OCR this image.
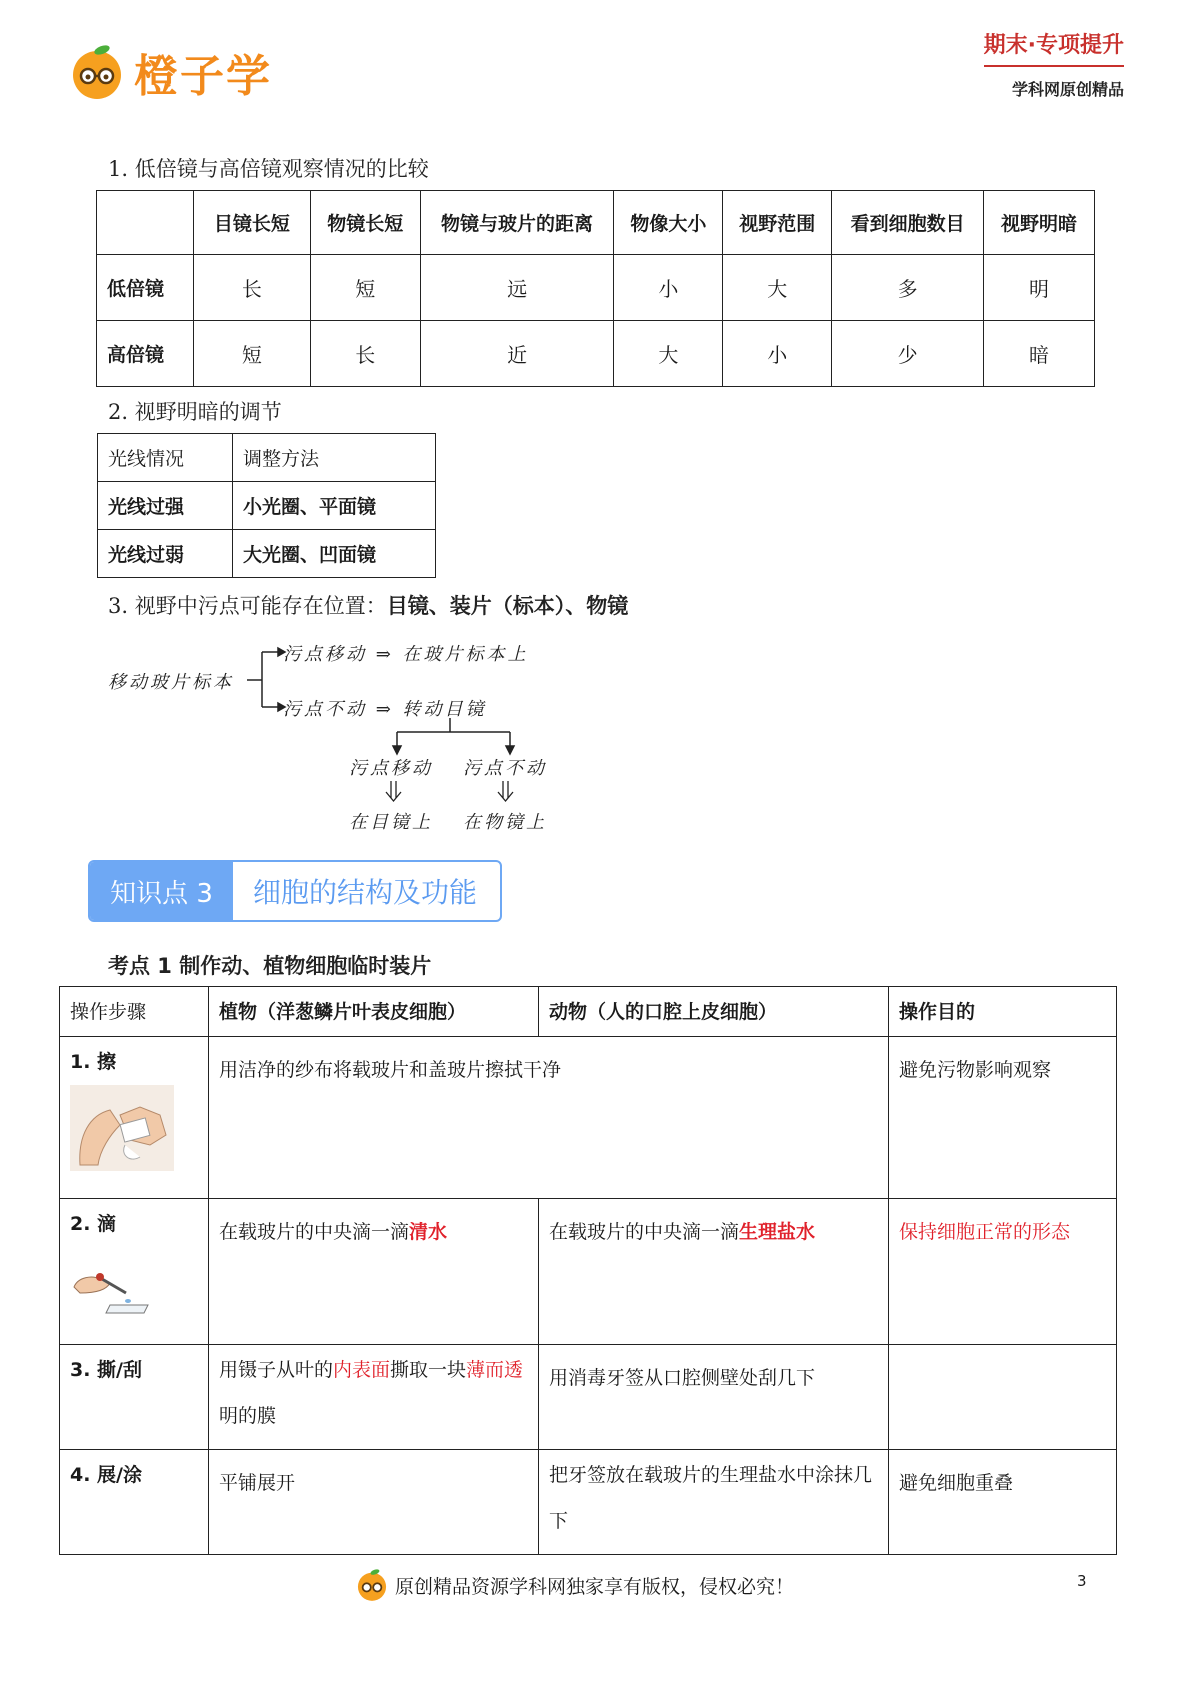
橙子学
期末·专项提升
学科网原创精品
1. 低倍镜与高倍镜观察情况的比较
	目镜长短	物镜长短	物镜与玻片的距离	物像大小	视野范围	看到细胞数目	视野明暗
低倍镜	长	短	远	小	大	多	明
高倍镜	短	长	近	大	小	少	暗
2. 视野明暗的调节
光线情况	调整方法
光线过强	小光圈、平面镜
光线过弱	大光圈、凹面镜
3. 视野中污点可能存在位置：目镜、装片（标本）、物镜
移动玻片标本
污点移动 ⇒ 在玻片标本上
污点不动 ⇒ 转动目镜
污点移动 污点不动
在目镜上 在物镜上
知识点 3	细胞的结构及功能
考点 1 制作动、植物细胞临时装片
操作步骤	植物（洋葱鳞片叶表皮细胞）	动物（人的口腔上皮细胞）	操作目的

1. 擦	用洁净的纱布将载玻片和盖玻片擦拭干净		避免污物影响观察

2. 滴	在载玻片的中央滴一滴清水	在载玻片的中央滴一滴生理盐水	保持细胞正常的形态

3. 撕/刮	用镊子从叶的内表面撕取一块薄而透明的膜	用消毒牙签从口腔侧壁处刮几下	

4. 展/涂	平铺展开	把牙签放在载玻片的生理盐水中涂抹几下	避免细胞重叠
原创精品资源学科网独家享有版权，侵权必究！	3
